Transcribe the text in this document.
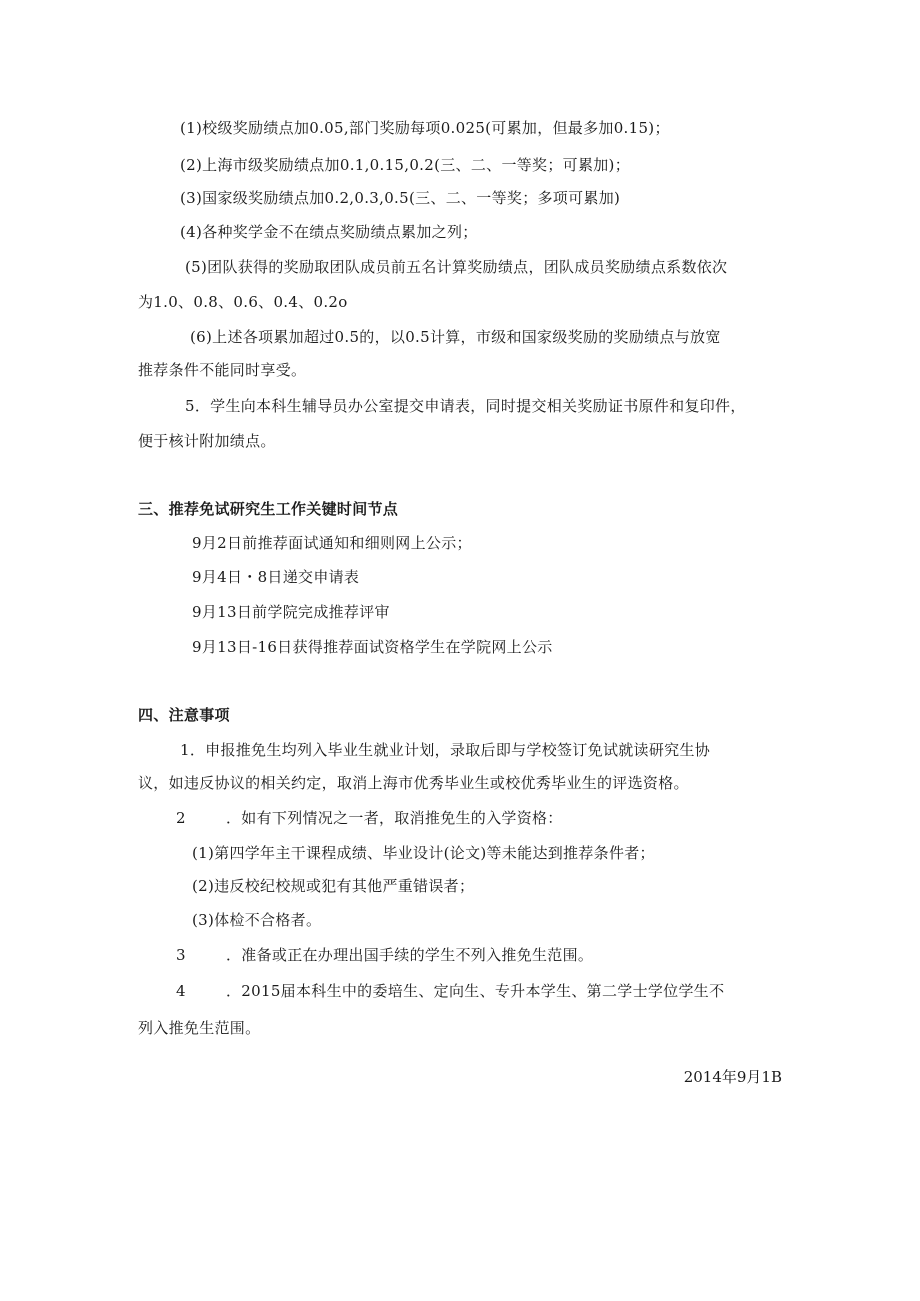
(1)校级奖励绩点加0.05,部门奖励每项0.025(可累加，但最多加0.15)；
(2)上海市级奖励绩点加0.1,0.15,0.2(三、二、一等奖；可累加)；
(3)国家级奖励绩点加0.2,0.3,0.5(三、二、一等奖；多项可累加)
(4)各种奖学金不在绩点奖励绩点累加之列；
(5)团队获得的奖励取团队成员前五名计算奖励绩点，团队成员奖励绩点系数依次
为1.0、0.8、0.6、0.4、0.2o
(6)上述各项累加超过0.5的，以0.5计算，市级和国家级奖励的奖励绩点与放宽
推荐条件不能同时享受。
5．学生向本科生辅导员办公室提交申请表，同时提交相关奖励证书原件和复印件，
便于核计附加绩点。
三、推荐免试研究生工作关键时间节点
9月2日前推荐面试通知和细则网上公示；
9月4日・8日递交申请表
9月13日前学院完成推荐评审
9月13日-16日获得推荐面试资格学生在学院网上公示
四、注意事项
1．申报推免生均列入毕业生就业计划，录取后即与学校签订免试就读研究生协
议，如违反协议的相关约定，取消上海市优秀毕业生或校优秀毕业生的评选资格。
2	．如有下列情况之一者，取消推免生的入学资格：
(1)第四学年主干课程成绩、毕业设计(论文)等未能达到推荐条件者；
(2)违反校纪校规或犯有其他严重错误者；
(3)体检不合格者。
3	．准备或正在办理出国手续的学生不列入推免生范围。
4	．2015届本科生中的委培生、定向生、专升本学生、第二学士学位学生不
列入推免生范围。
2014年9月1B
